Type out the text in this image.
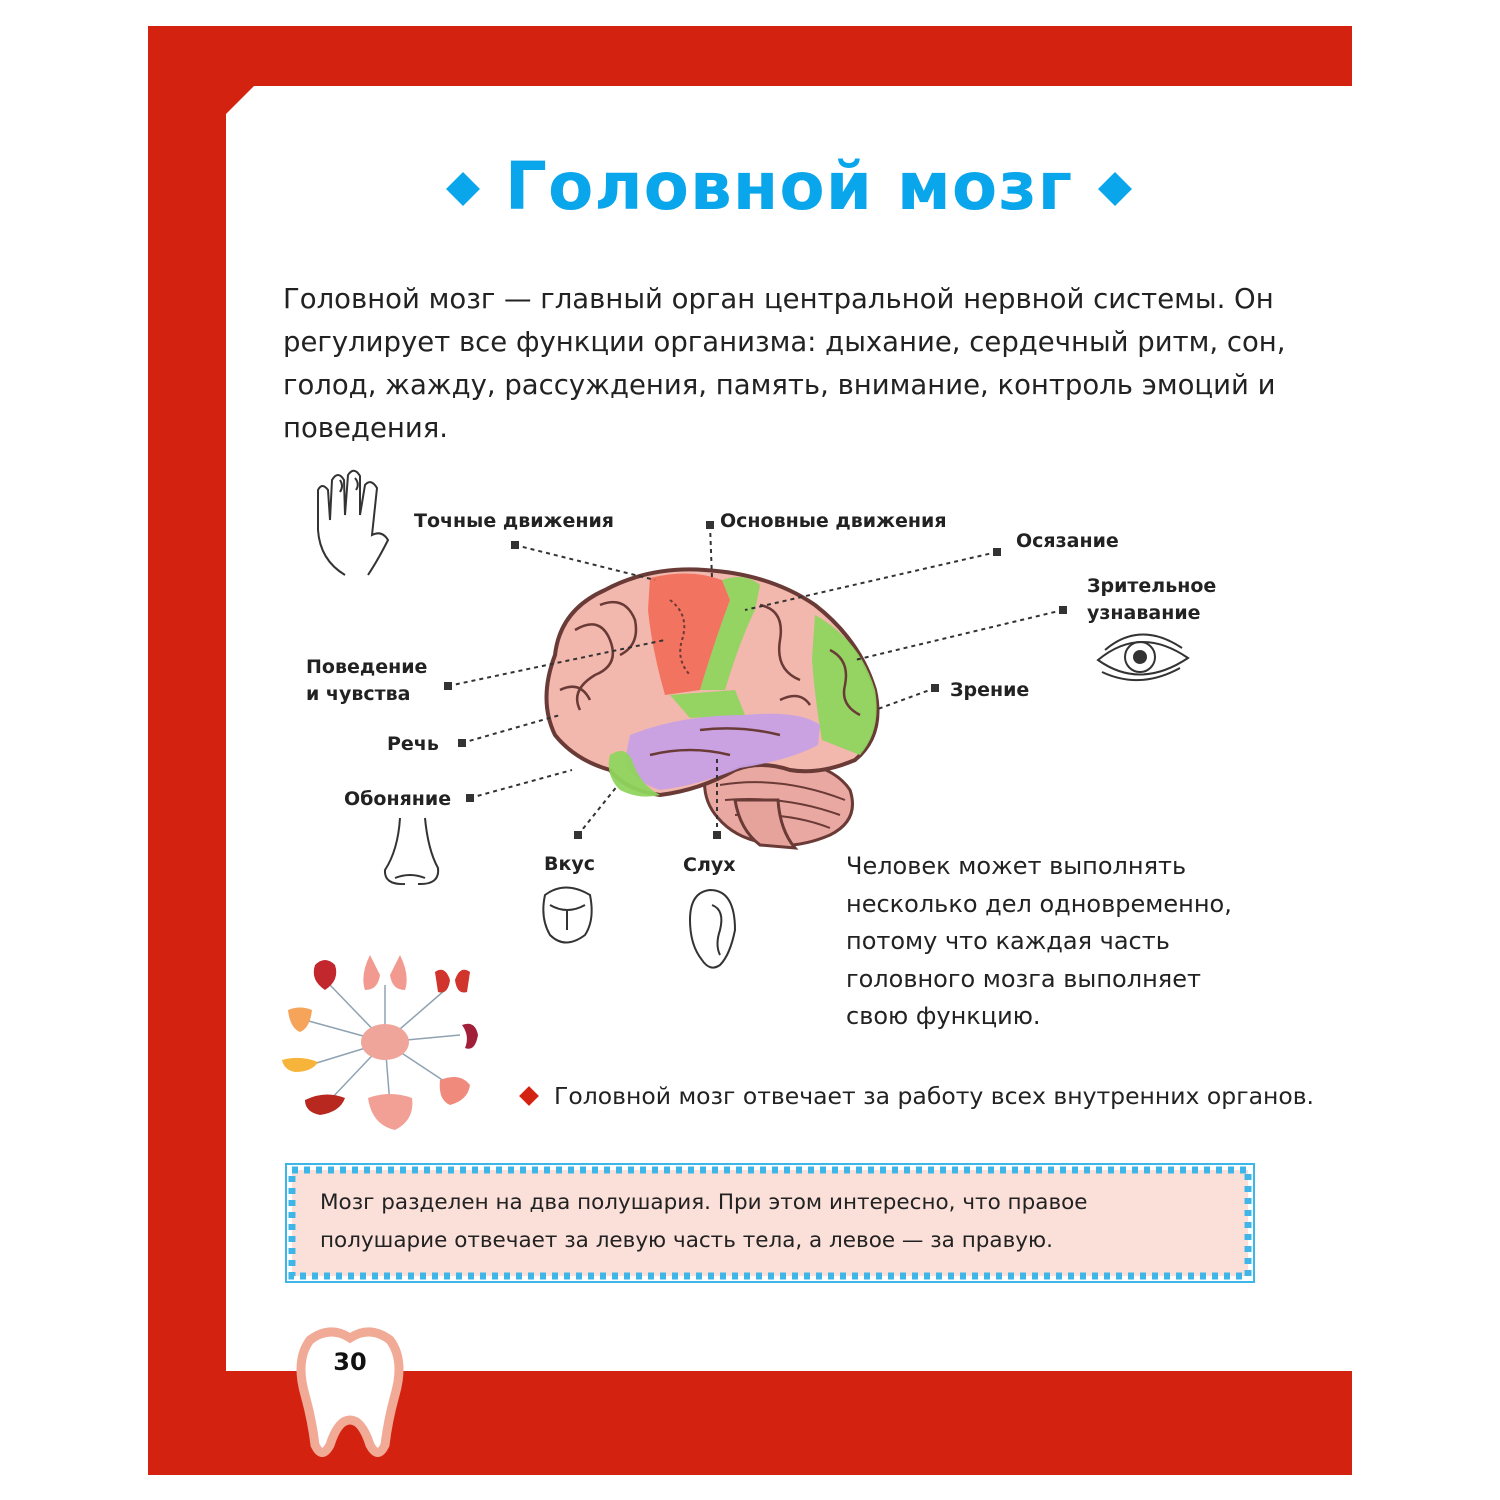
Головной мозг
Головной мозг — главный орган центральной нервной системы. Он регулирует все функции организма: дыхание, сердечный ритм, сон, голод, жажду, рассуждения, память, внимание, контроль эмоций и поведения.
Точные движения	Основные движения
Осязание
Зрительное
узнавание
Поведение
и чувства	Зрение
Речь
Обоняние
Вкус	Слух	Человек может выполнять несколько дел одновременно, потому что каждая часть головного мозга выполняет свою функцию.
Головной мозг отвечает за работу всех внутренних органов.
Мозг разделен на два полушария. При этом интересно, что правое полушарие отвечает за левую часть тела, а левое — за правую.
30
